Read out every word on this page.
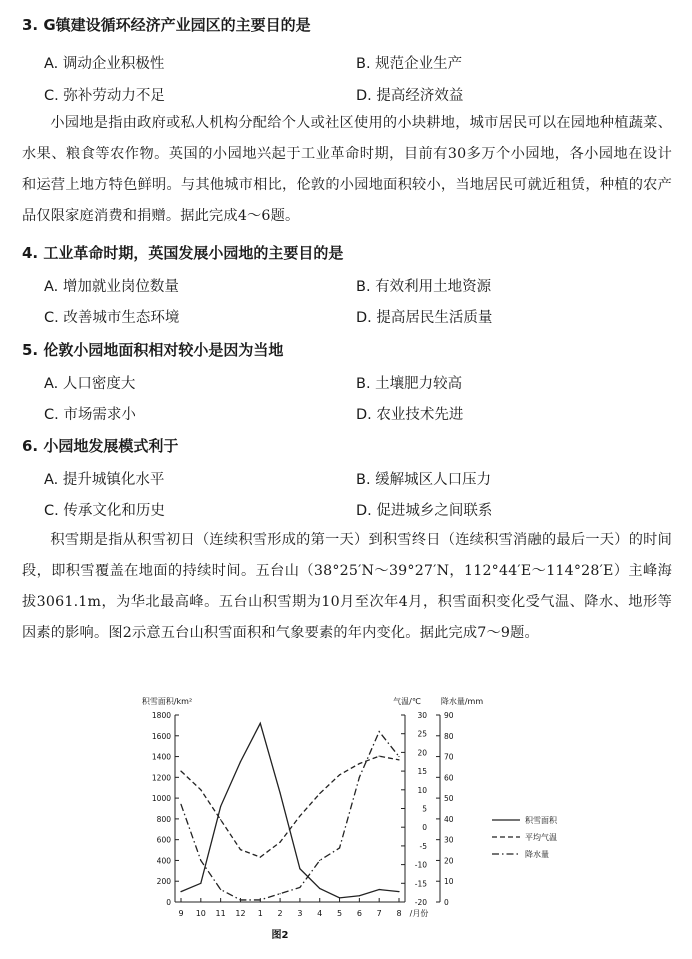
3. G镇建设循环经济产业园区的主要目的是
A. 调动企业积极性	B. 规范企业生产
C. 弥补劳动力不足	D. 提高经济效益
小园地是指由政府或私人机构分配给个人或社区使用的小块耕地，城市居民可以在园地种植蔬菜、水果、粮食等农作物。英国的小园地兴起于工业革命时期，目前有30多万个小园地，各小园地在设计和运营上地方特色鲜明。与其他城市相比，伦敦的小园地面积较小，当地居民可就近租赁，种植的农产品仅限家庭消费和捐赠。据此完成4～6题。
4. 工业革命时期，英国发展小园地的主要目的是
A. 增加就业岗位数量	B. 有效利用土地资源
C. 改善城市生态环境	D. 提高居民生活质量
5. 伦敦小园地面积相对较小是因为当地
A. 人口密度大	B. 土壤肥力较高
C. 市场需求小	D. 农业技术先进
6. 小园地发展模式利于
A. 提升城镇化水平	B. 缓解城区人口压力
C. 传承文化和历史	D. 促进城乡之间联系
积雪期是指从积雪初日（连续积雪形成的第一天）到积雪终日（连续积雪消融的最后一天）的时间段，即积雪覆盖在地面的持续时间。五台山（38°25′N～39°27′N，112°44′E～114°28′E）主峰海拔3061.1m，为华北最高峰。五台山积雪期为10月至次年4月，积雪面积变化受气温、降水、地形等因素的影响。图2示意五台山积雪面积和气象要素的年内变化。据此完成7～9题。
积雪面积/km²	气温/℃	降水量/mm
0
200
400
600
800
1000
1200
1400
1600
1800
-20
-15
-10
-5
0
5
10
15
20
25
30
0
10
20
30
40
50
60
70
80
90
9 10 11 12 1 2 3 4 5 6 7 8 /月份
积雪面积
平均气温
降水量
图2
